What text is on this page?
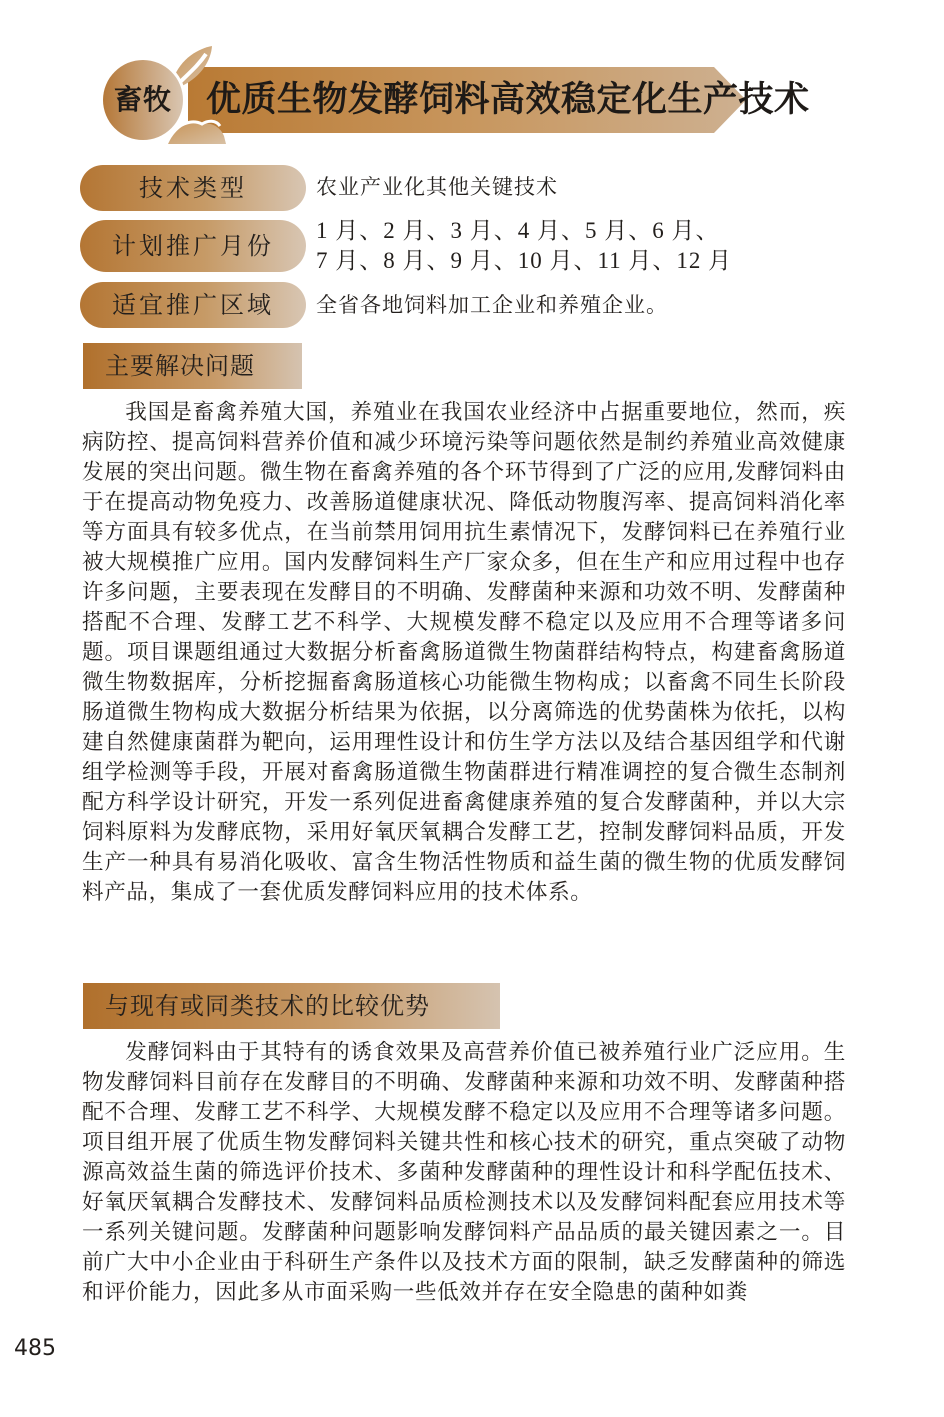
畜牧 优质生物发酵饲料高效稳定化生产技术
技术类型	农业产业化其他关键技术
计划推广月份
1 月、2 月、3 月、4 月、5 月、6 月、
7 月、8 月、9 月、10 月、11 月、12 月
适宜推广区域	全省各地饲料加工企业和养殖企业。
主要解决问题

我国是畜禽养殖大国，养殖业在我国农业经济中占据重要地位，然而，疾病防控、提高饲料营养价值和减少环境污染等问题依然是制约养殖业高效健康发展的突出问题。微生物在畜禽养殖的各个环节得到了广泛的应用,发酵饲料由于在提高动物免疫力、改善肠道健康状况、降低动物腹泻率、提高饲料消化率等方面具有较多优点，在当前禁用饲用抗生素情况下，发酵饲料已在养殖行业被大规模推广应用。国内发酵饲料生产厂家众多，但在生产和应用过程中也存许多问题，主要表现在发酵目的不明确、发酵菌种来源和功效不明、发酵菌种搭配不合理、发酵工艺不科学、大规模发酵不稳定以及应用不合理等诸多问题。项目课题组通过大数据分析畜禽肠道微生物菌群结构特点，构建畜禽肠道微生物数据库，分析挖掘畜禽肠道核心功能微生物构成；以畜禽不同生长阶段肠道微生物构成大数据分析结果为依据，以分离筛选的优势菌株为依托，以构建自然健康菌群为靶向，运用理性设计和仿生学方法以及结合基因组学和代谢组学检测等手段，开展对畜禽肠道微生物菌群进行精准调控的复合微生态制剂配方科学设计研究，开发一系列促进畜禽健康养殖的复合发酵菌种，并以大宗饲料原料为发酵底物，采用好氧厌氧耦合发酵工艺，控制发酵饲料品质，开发生产一种具有易消化吸收、富含生物活性物质和益生菌的微生物的优质发酵饲料产品，集成了一套优质发酵饲料应用的技术体系。

与现有或同类技术的比较优势

发酵饲料由于其特有的诱食效果及高营养价值已被养殖行业广泛应用。生物发酵饲料目前存在发酵目的不明确、发酵菌种来源和功效不明、发酵菌种搭配不合理、发酵工艺不科学、大规模发酵不稳定以及应用不合理等诸多问题。项目组开展了优质生物发酵饲料关键共性和核心技术的研究，重点突破了动物源高效益生菌的筛选评价技术、多菌种发酵菌种的理性设计和科学配伍技术、好氧厌氧耦合发酵技术、发酵饲料品质检测技术以及发酵饲料配套应用技术等一系列关键问题。发酵菌种问题影响发酵饲料产品品质的最关键因素之一。目前广大中小企业由于科研生产条件以及技术方面的限制，缺乏发酵菌种的筛选和评价能力，因此多从市面采购一些低效并存在安全隐患的菌种如粪

485
